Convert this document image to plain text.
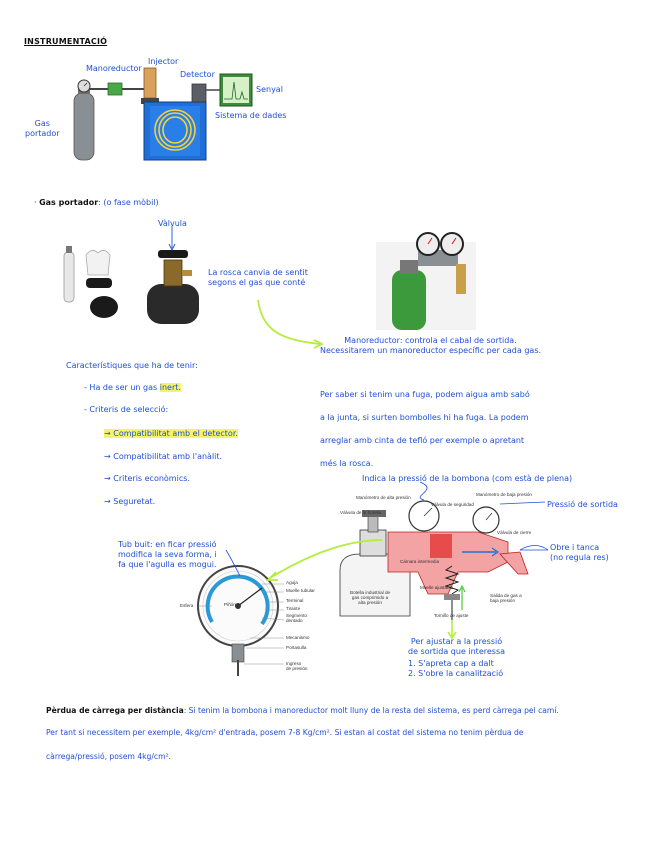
INSTRUMENTACIÓ
Gas
portador
Manoreductor
Injector
Detector
Senyal
Sistema de dades
· Gas portador: (o fase mòbil)
Vàlvula
La rosca canvia de sentit
segons el gas que conté
Manoreductor: controla el cabal de sortida.
Necessitarem un manoreductor específic per cada gas.
Característiques que ha de tenir:
- Ha de ser un gas inert.
- Criteris de selecció:
→ Compatibilitat amb el detector.
→ Compatibilitat amb l'anàlit.
→ Criteris econòmics.
→ Seguretat.
Per saber si tenim una fuga, podem aigua amb sabó
a la junta, si surten bombolles hi ha fuga. La podem
arreglar amb cinta de tefló per exemple o apretant
més la rosca.
Indica la pressió de la bombona (com està de plena)
Pressió de sortida
Obre i tanca
(no regula res)
Manómetro de alta presión
Válvula de seguridad
Manómetro de baja presión
Válvula de la botella
Válvula de cierre
Cámara intermedia
Muelle ajustable
Botella industrial de
gas comprimido a
alta presión
Salida de gas a
baja presión
Tornillo de ajuste
Aguja
Muelle tubular
Terminal
Tirante
Segmento
dentado
Piñón
Esfera
Mecanismo
Portasulla
Ingreso
de presión
Tub buit: en ficar pressió
modifica la seva forma, i
fa que l'agulla es mogui.
Per ajustar a la pressió
de sortida que interessa
1. S'apreta cap a dalt
2. S'obre la canalització
Pèrdua de càrrega per distància: Si tenim la bombona i manoreductor molt lluny de la resta del sistema, es perd càrrega pel camí.
Per tant si necessitem per exemple, 4kg/cm² d'entrada, posem 7-8 Kg/cm². Si estan al costat del sistema no tenim pèrdua de
càrrega/pressió, posem 4kg/cm².
